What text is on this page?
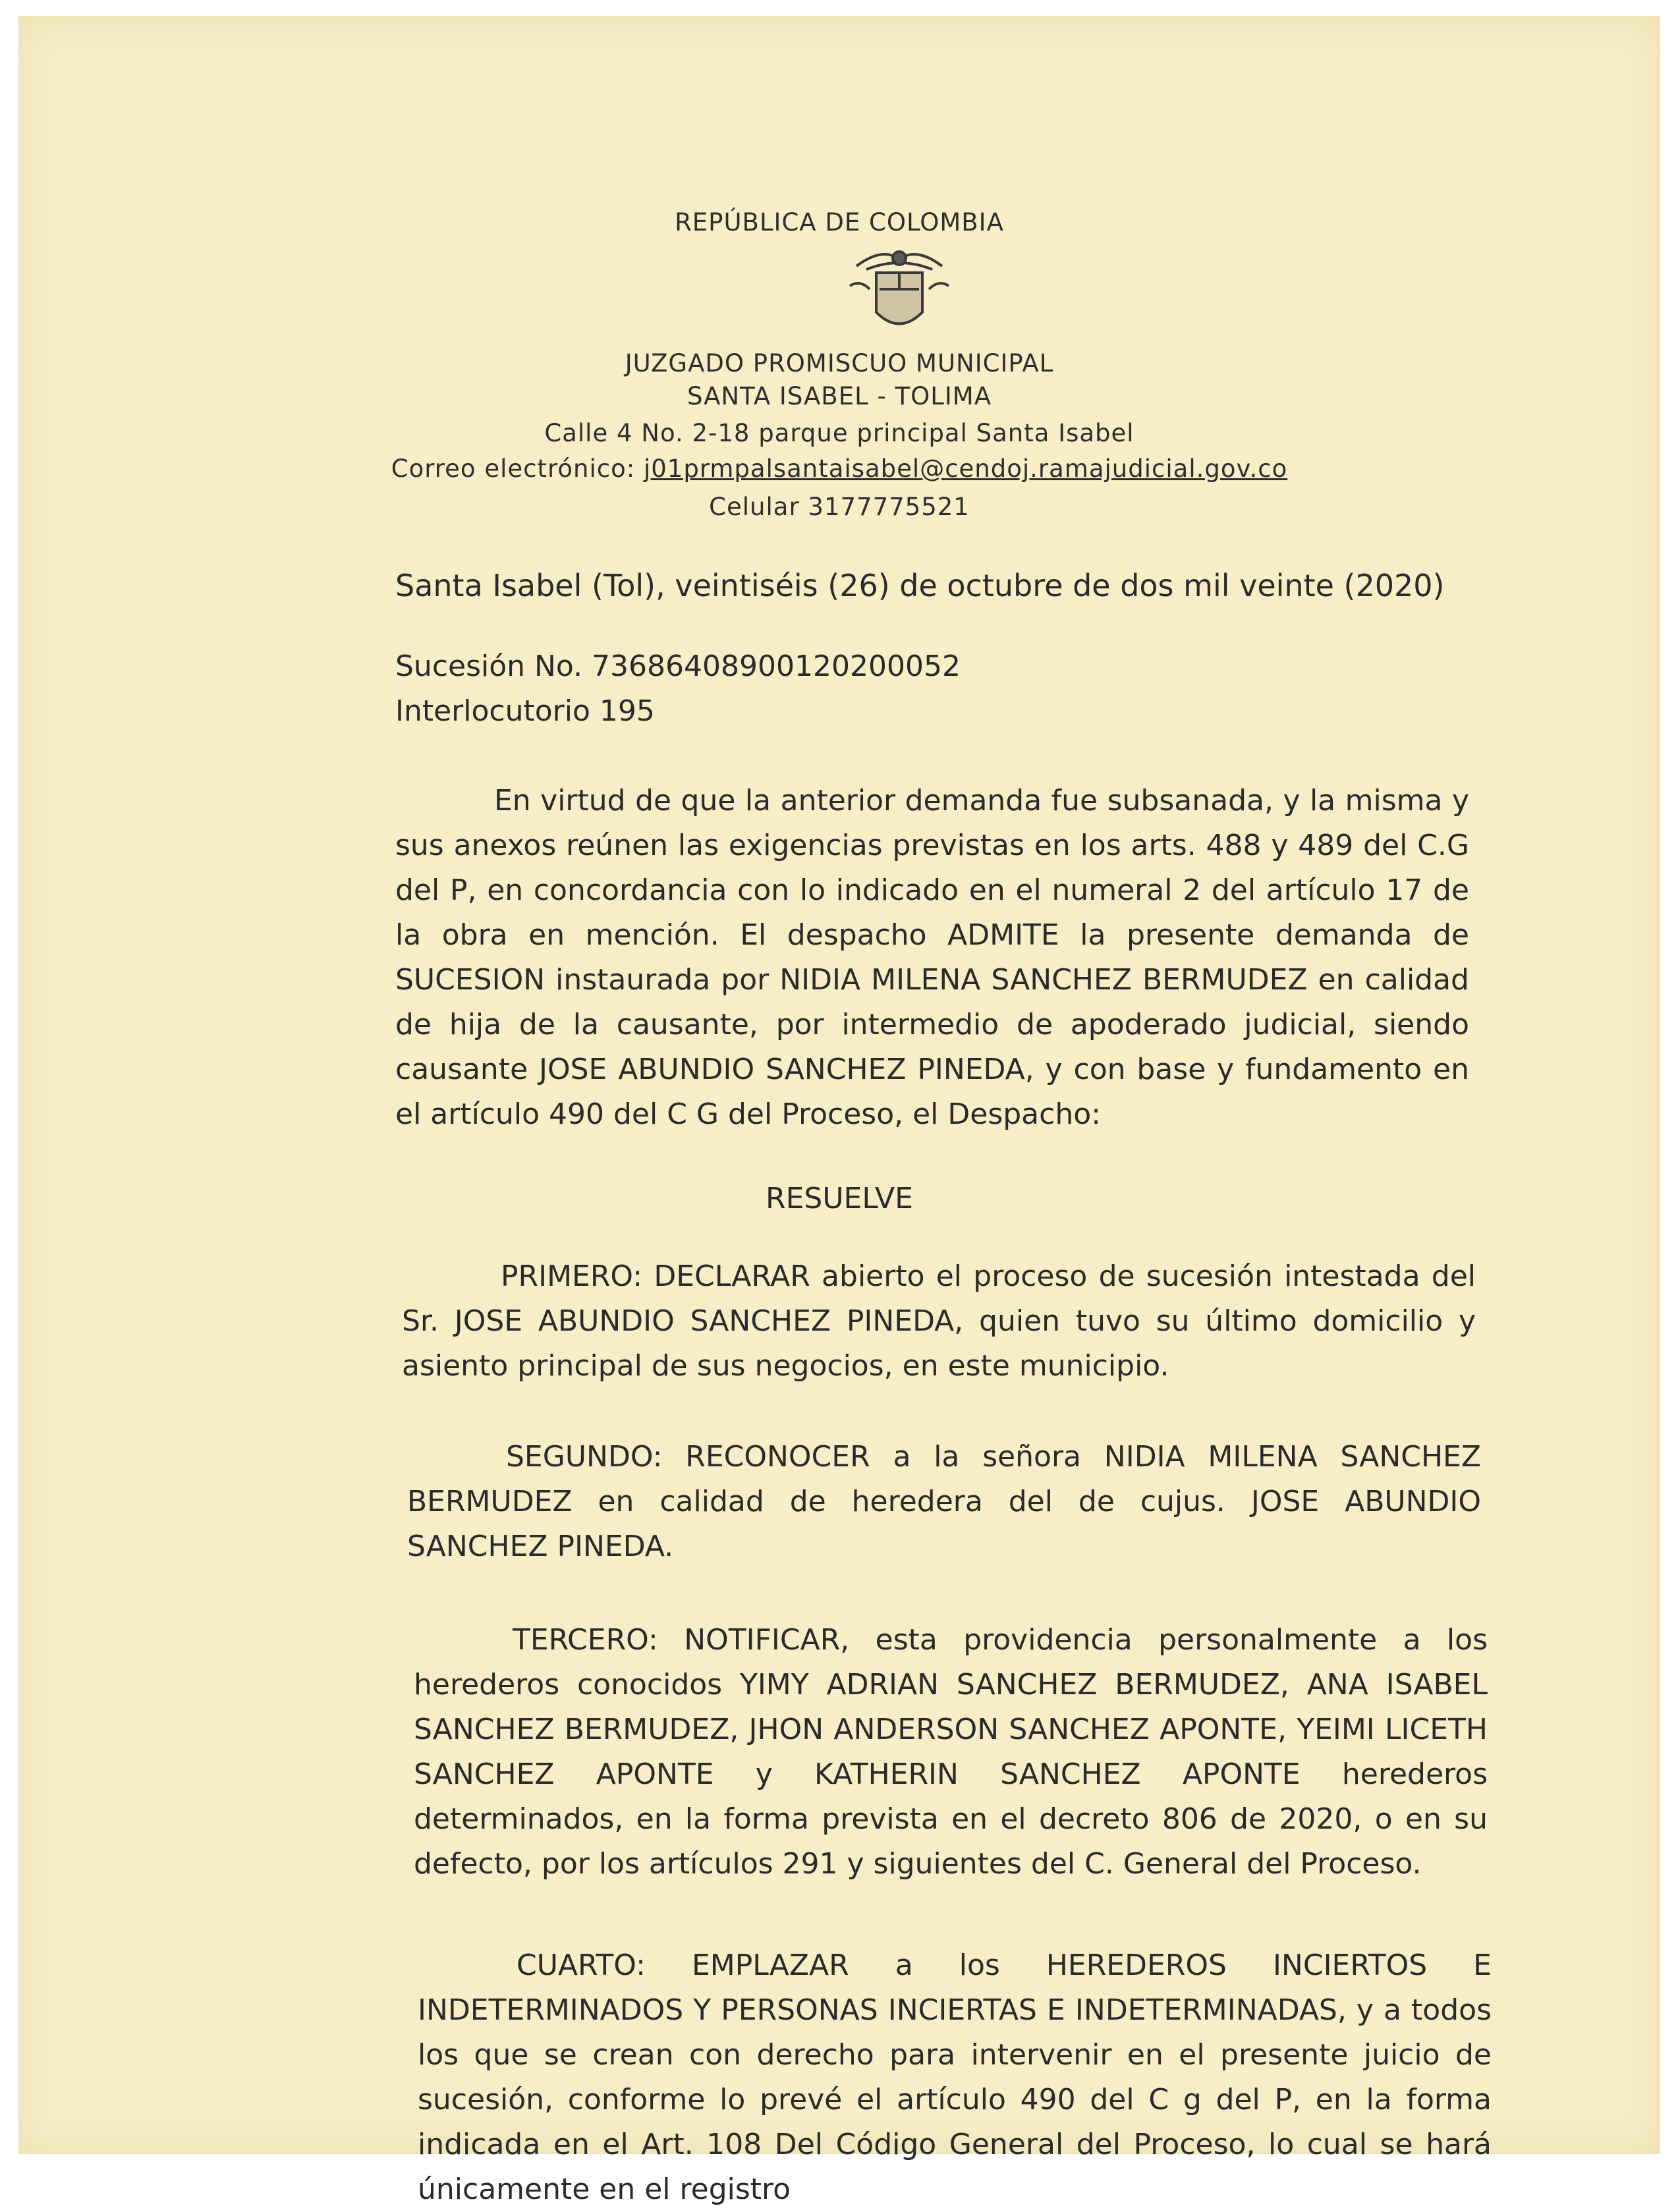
REPÚBLICA DE COLOMBIA
JUZGADO PROMISCUO MUNICIPAL
SANTA ISABEL - TOLIMA
Calle 4 No. 2-18 parque principal Santa Isabel
Correo electrónico: j01prmpalsantaisabel@cendoj.ramajudicial.gov.co
Celular 3177775521
Santa Isabel (Tol), veintiséis (26) de octubre de dos mil veinte (2020)
Sucesión No. 73686408900120200052
Interlocutorio 195
En virtud de que la anterior demanda fue subsanada, y la misma y sus anexos reúnen las exigencias previstas en los arts. 488 y 489 del C.G del P, en concordancia con lo indicado en el numeral 2 del artículo 17 de la obra en mención. El despacho ADMITE la presente demanda de SUCESION instaurada por NIDIA MILENA SANCHEZ BERMUDEZ en calidad de hija de la causante, por intermedio de apoderado judicial, siendo causante JOSE ABUNDIO SANCHEZ PINEDA, y con base y fundamento en el artículo 490 del C G del Proceso, el Despacho:
RESUELVE
PRIMERO: DECLARAR abierto el proceso de sucesión intestada del Sr. JOSE ABUNDIO SANCHEZ PINEDA, quien tuvo su último domicilio y asiento principal de sus negocios, en este municipio.
SEGUNDO: RECONOCER a la señora NIDIA MILENA SANCHEZ BERMUDEZ en calidad de heredera del de cujus. JOSE ABUNDIO SANCHEZ PINEDA.
TERCERO: NOTIFICAR, esta providencia personalmente a los herederos conocidos YIMY ADRIAN SANCHEZ BERMUDEZ, ANA ISABEL SANCHEZ BERMUDEZ, JHON ANDERSON SANCHEZ APONTE, YEIMI LICETH SANCHEZ APONTE y KATHERIN SANCHEZ APONTE herederos determinados, en la forma prevista en el decreto 806 de 2020, o en su defecto, por los artículos 291 y siguientes del C. General del Proceso.
CUARTO: EMPLAZAR a los HEREDEROS INCIERTOS E INDETERMINADOS Y PERSONAS INCIERTAS E INDETERMINADAS, y a todos los que se crean con derecho para intervenir en el presente juicio de sucesión, conforme lo prevé el artículo 490 del C g del P, en la forma indicada en el Art. 108 Del Código General del Proceso, lo cual se hará únicamente en el registro
